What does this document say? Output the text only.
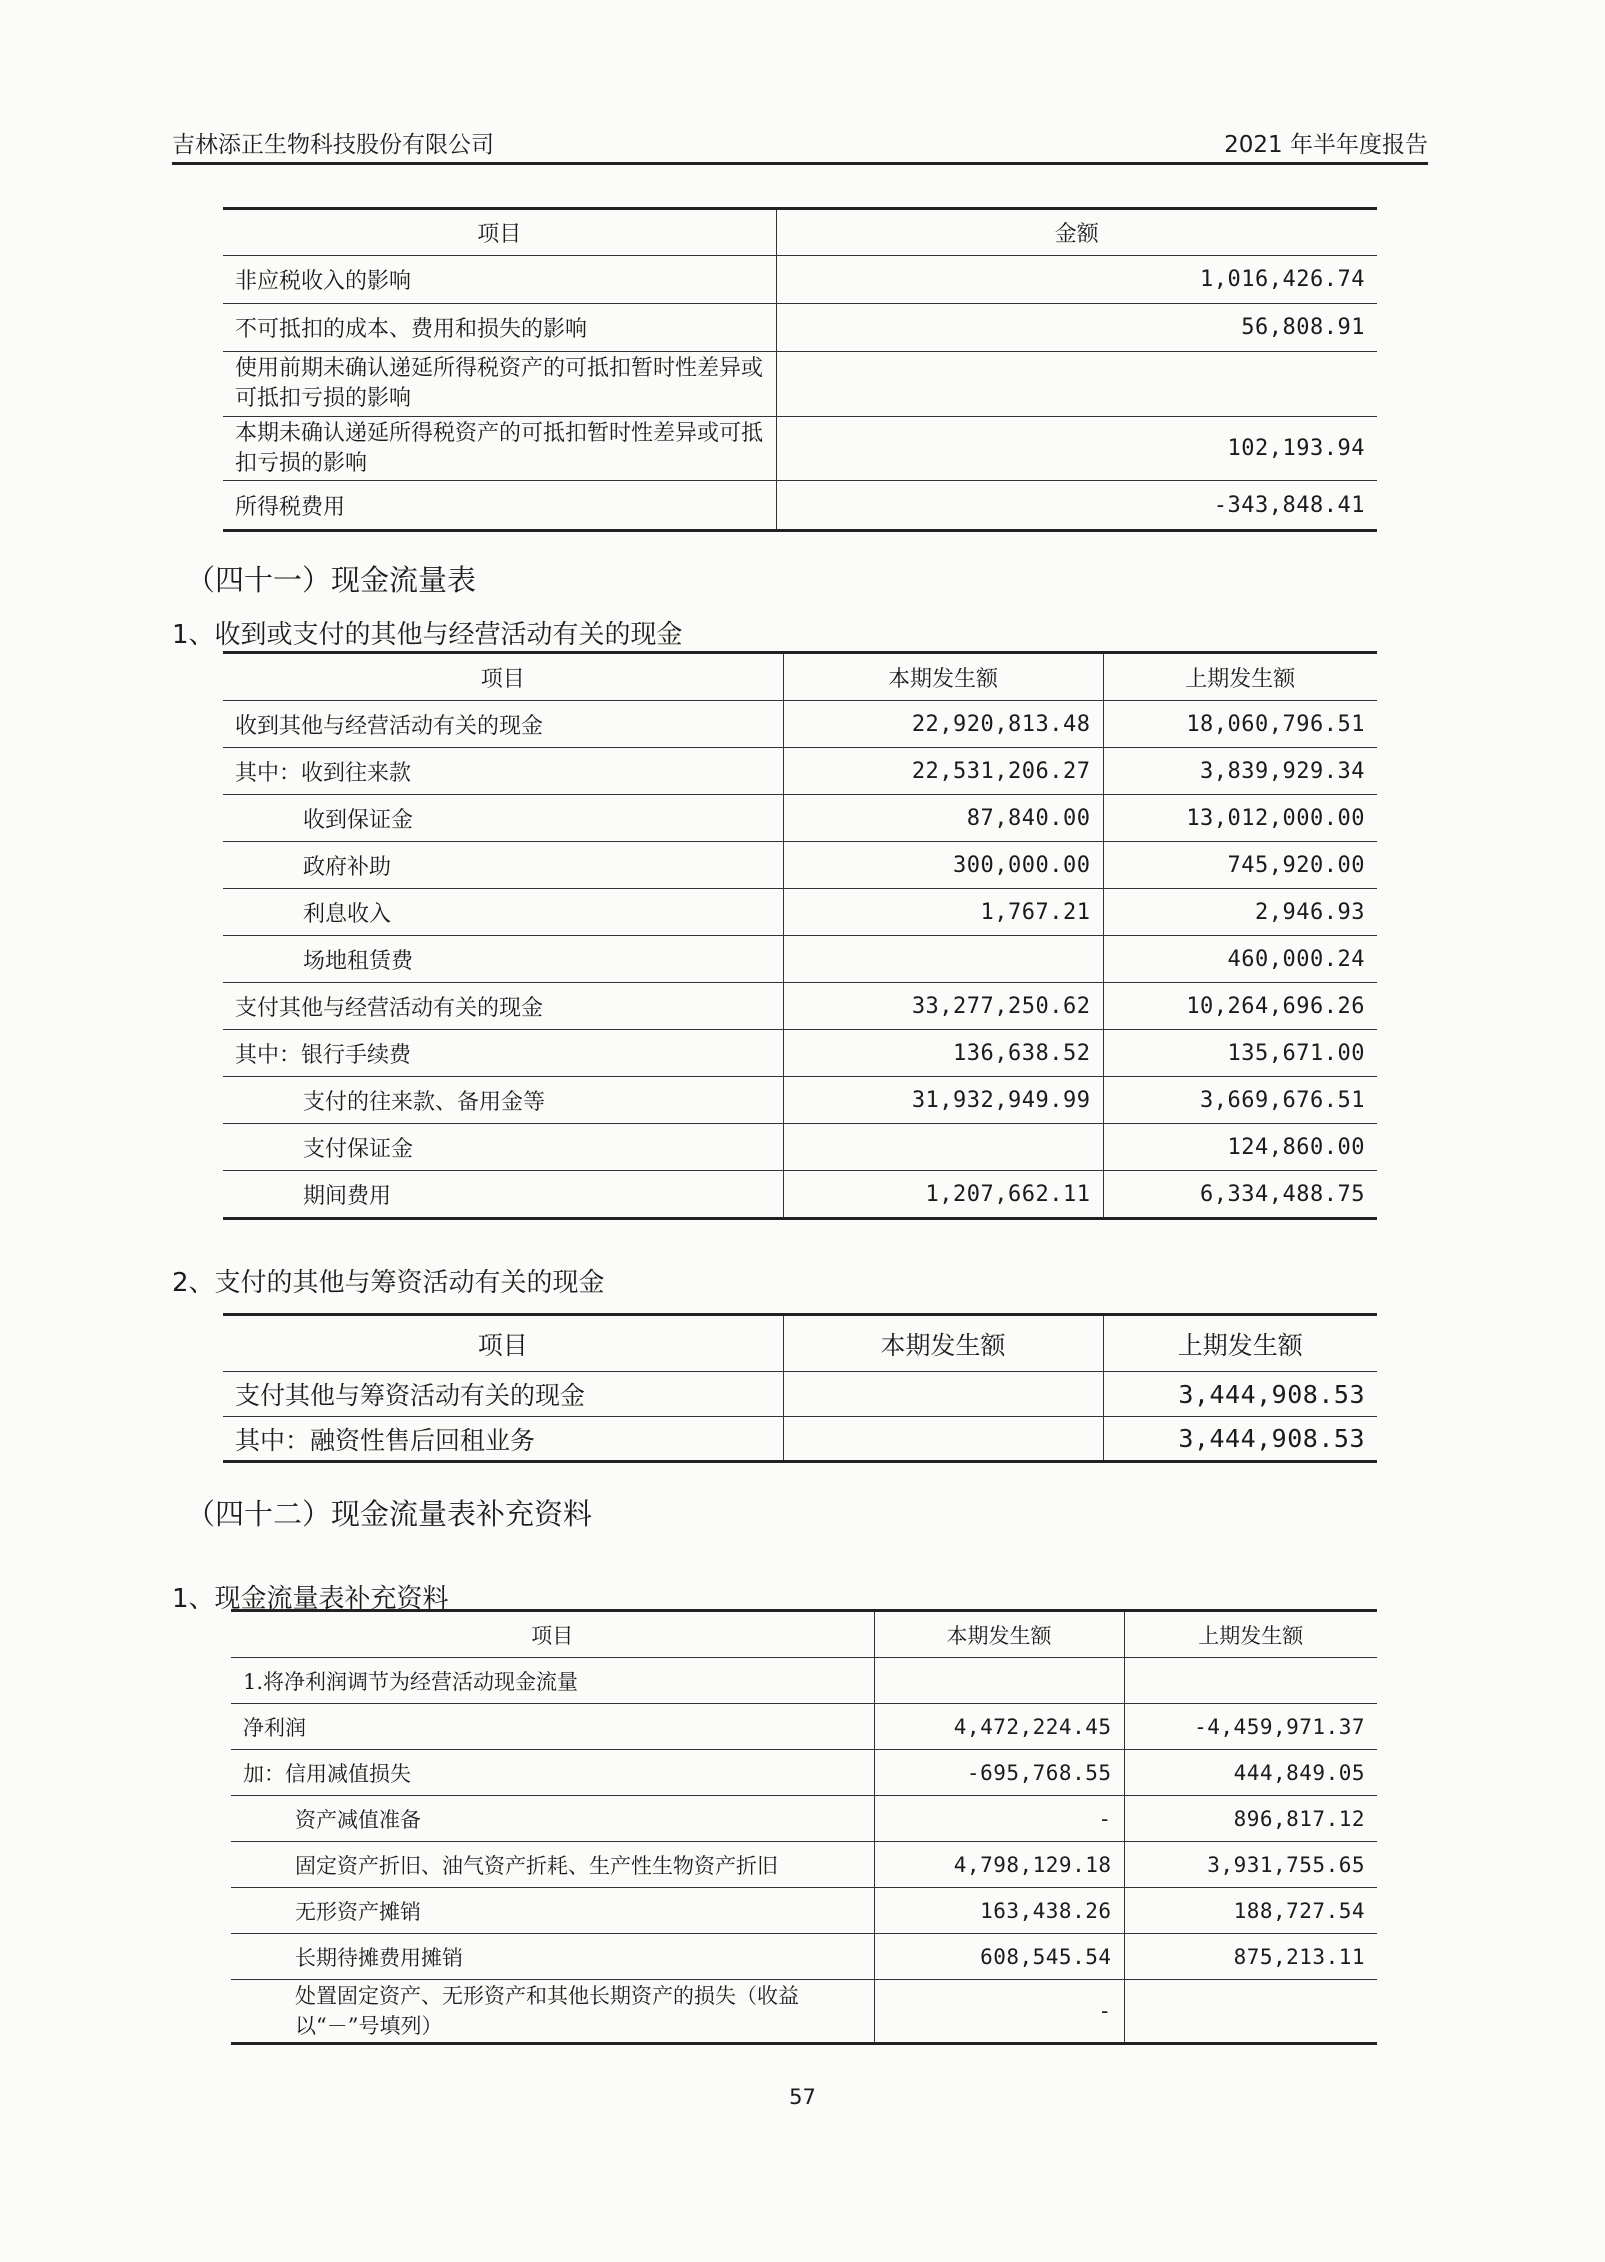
吉林添正生物科技股份有限公司	2021 年半年度报告
项目	金额
非应税收入的影响	1,016,426.74
不可抵扣的成本、费用和损失的影响	56,808.91
使用前期未确认递延所得税资产的可抵扣暂时性差异或可抵扣亏损的影响	
本期未确认递延所得税资产的可抵扣暂时性差异或可抵扣亏损的影响	102,193.94
所得税费用	-343,848.41
（四十一）现金流量表
1、收到或支付的其他与经营活动有关的现金
项目	本期发生额	上期发生额
收到其他与经营活动有关的现金	22,920,813.48	18,060,796.51
其中：收到往来款	22,531,206.27	3,839,929.34
收到保证金	87,840.00	13,012,000.00
政府补助	300,000.00	745,920.00
利息收入	1,767.21	2,946.93
场地租赁费		460,000.24
支付其他与经营活动有关的现金	33,277,250.62	10,264,696.26
其中：银行手续费	136,638.52	135,671.00
支付的往来款、备用金等	31,932,949.99	3,669,676.51
支付保证金		124,860.00
期间费用	1,207,662.11	6,334,488.75
2、支付的其他与筹资活动有关的现金
项目	本期发生额	上期发生额
支付其他与筹资活动有关的现金		3,444,908.53
其中：融资性售后回租业务		3,444,908.53
（四十二）现金流量表补充资料
1、现金流量表补充资料
项目	本期发生额	上期发生额
1.将净利润调节为经营活动现金流量		
净利润	4,472,224.45	-4,459,971.37
加：信用减值损失	-695,768.55	444,849.05
资产减值准备	-	896,817.12
固定资产折旧、油气资产折耗、生产性生物资产折旧	4,798,129.18	3,931,755.65
无形资产摊销	163,438.26	188,727.54
长期待摊费用摊销	608,545.54	875,213.11
处置固定资产、无形资产和其他长期资产的损失（收益以“－”号填列）	-	
57
